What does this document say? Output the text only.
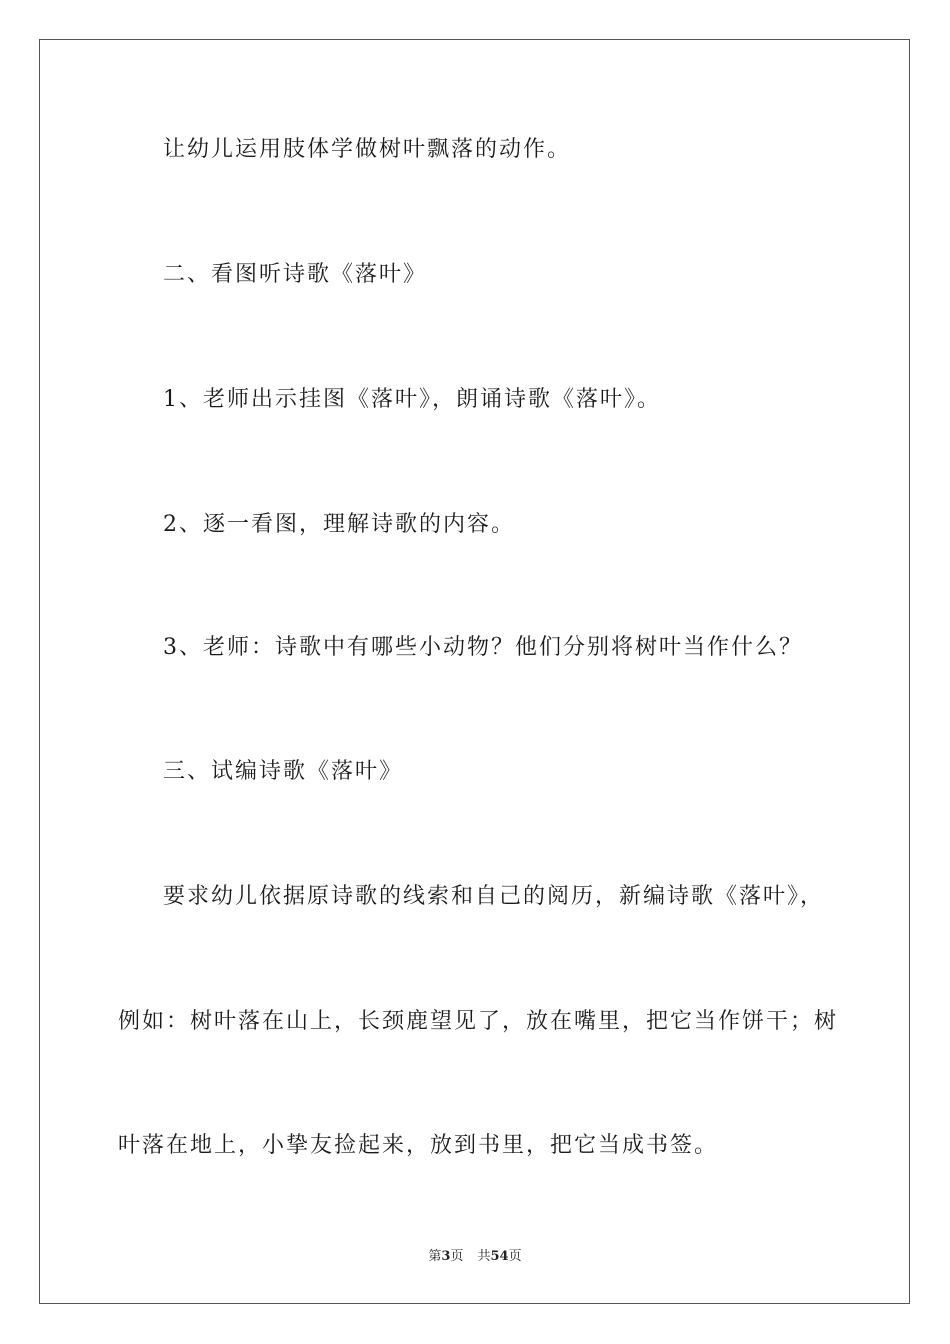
让幼儿运用肢体学做树叶飘落的动作。
二、看图听诗歌《落叶》
1、老师出示挂图《落叶》，朗诵诗歌《落叶》。
2、逐一看图，理解诗歌的内容。
3、老师：诗歌中有哪些小动物？他们分别将树叶当作什么？
三、试编诗歌《落叶》
要求幼儿依据原诗歌的线索和自己的阅历，新编诗歌《落叶》，
例如：树叶落在山上，长颈鹿望见了，放在嘴里，把它当作饼干；树
叶落在地上，小挚友捡起来，放到书里，把它当成书签。
第3页 共54页
